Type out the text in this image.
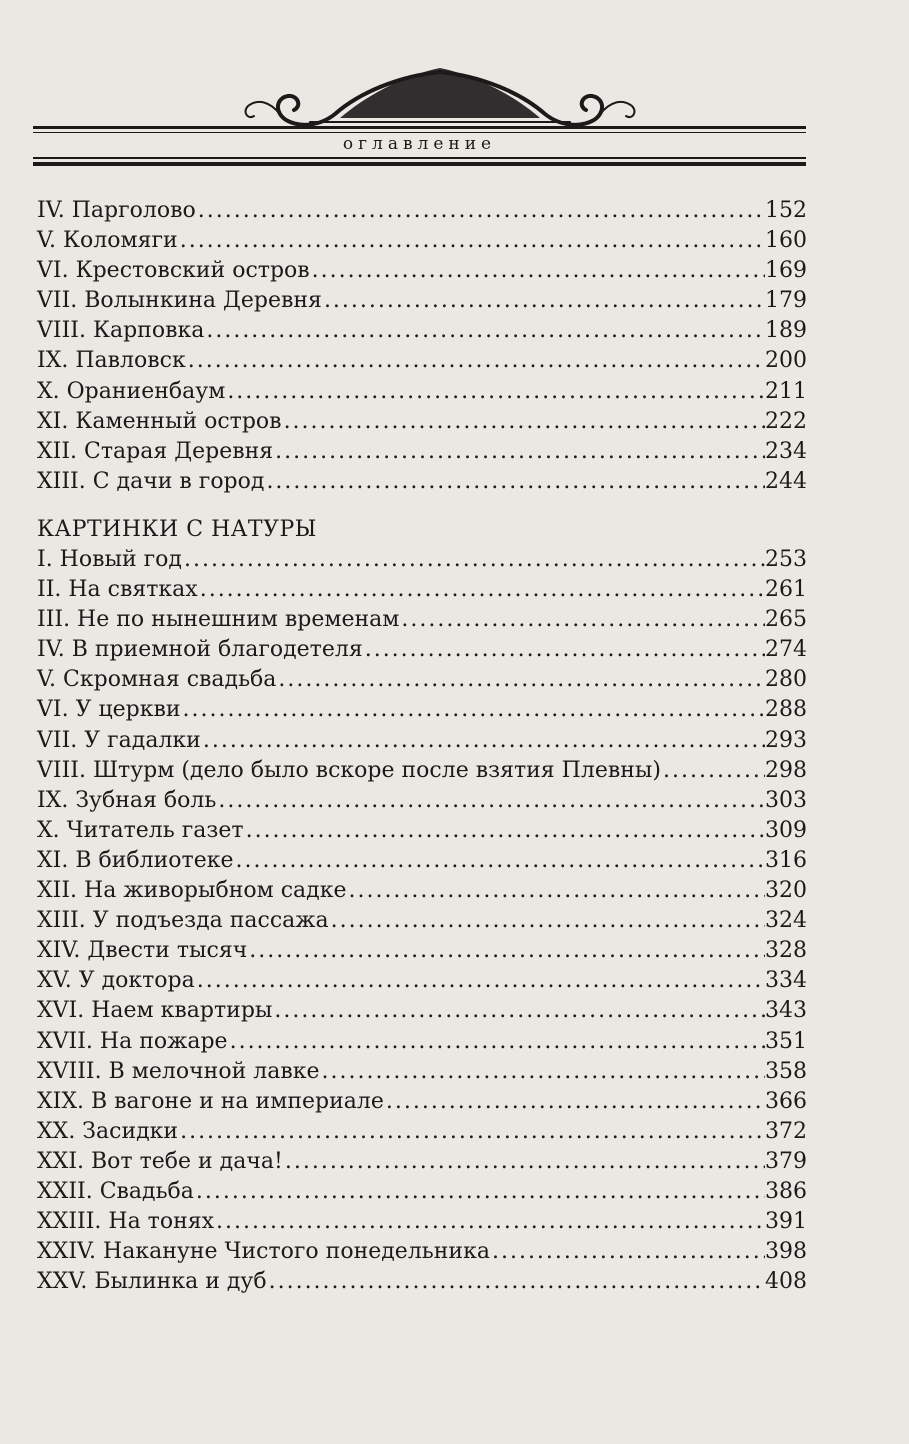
оглавление
IV. Парголово .....	152
V. Коломяги .....	160
VI. Крестовский остров .....	169
VII. Волынкина Деревня .....	179
VIII. Карповка .....	189
IX. Павловск .....	200
X. Ораниенбаум .....	211
XI. Каменный остров .....	222
XII. Старая Деревня .....	234
XIII. С дачи в город .....	244
КАРТИНКИ С НАТУРЫ
I. Новый год .....	253
II. На святках .....	261
III. Не по нынешним временам .....	265
IV. В приемной благодетеля .....	274
V. Скромная свадьба .....	280
VI. У церкви .....	288
VII. У гадалки .....	293
VIII. Штурм (дело было вскоре после взятия Плевны) .....	298
IX. Зубная боль .....	303
X. Читатель газет .....	309
XI. В библиотеке .....	316
XII. На живорыбном садке .....	320
XIII. У подъезда пассажа .....	324
XIV. Двести тысяч .....	328
XV. У доктора .....	334
XVI. Наем квартиры .....	343
XVII. На пожаре .....	351
XVIII. В мелочной лавке .....	358
XIX. В вагоне и на империале .....	366
XX. Засидки .....	372
XXI. Вот тебе и дача! .....	379
XXII. Свадьба .....	386
XXIII. На тонях .....	391
XXIV. Накануне Чистого понедельника .....	398
XXV. Былинка и дуб .....	408
